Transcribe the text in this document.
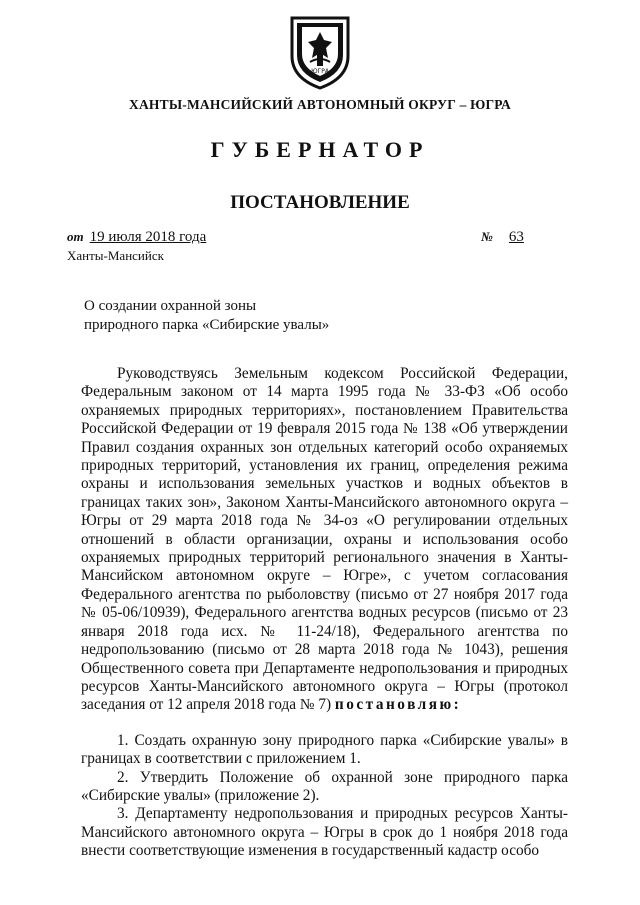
ЮГРА
ХАНТЫ-МАНСИЙСКИЙ АВТОНОМНЫЙ ОКРУГ – ЮГРА
ГУБЕРНАТОР
ПОСТАНОВЛЕНИЕ
от 19 июля 2018 года	№ 63
Ханты-Мансийск
О создании охранной зоны
природного парка «Сибирские увалы»

Руководствуясь Земельным кодексом Российской Федерации, Федеральным законом от 14 марта 1995 года № 33-ФЗ «Об особо охраняемых природных территориях», постановлением Правительства Российской Федерации от 19 февраля 2015 года № 138 «Об утверждении Правил создания охранных зон отдельных категорий особо охраняемых природных территорий, установления их границ, определения режима охраны и использования земельных участков и водных объектов в границах таких зон», Законом Ханты-Мансийского автономного округа – Югры от 29 марта 2018 года № 34-оз «О регулировании отдельных отношений в области организации, охраны и использования особо охраняемых природных территорий регионального значения в Ханты-Мансийском автономном округе – Югре», с учетом согласования Федерального агентства по рыболовству (письмо от 27 ноября 2017 года № 05-06/10939), Федерального агентства водных ресурсов (письмо от 23 января 2018 года исх. № 11-24/18), Федерального агентства по недропользованию (письмо от 28 марта 2018 года № 1043), решения Общественного совета при Департаменте недропользования и природных ресурсов Ханты-Мансийского автономного округа – Югры (протокол заседания от 12 апреля 2018 года № 7) постановляю:

1. Создать охранную зону природного парка «Сибирские увалы» в границах в соответствии с приложением 1.

2. Утвердить Положение об охранной зоне природного парка «Сибирские увалы» (приложение 2).

3. Департаменту недропользования и природных ресурсов Ханты-Мансийского автономного округа – Югры в срок до 1 ноября 2018 года внести соответствующие изменения в государственный кадастр особо
